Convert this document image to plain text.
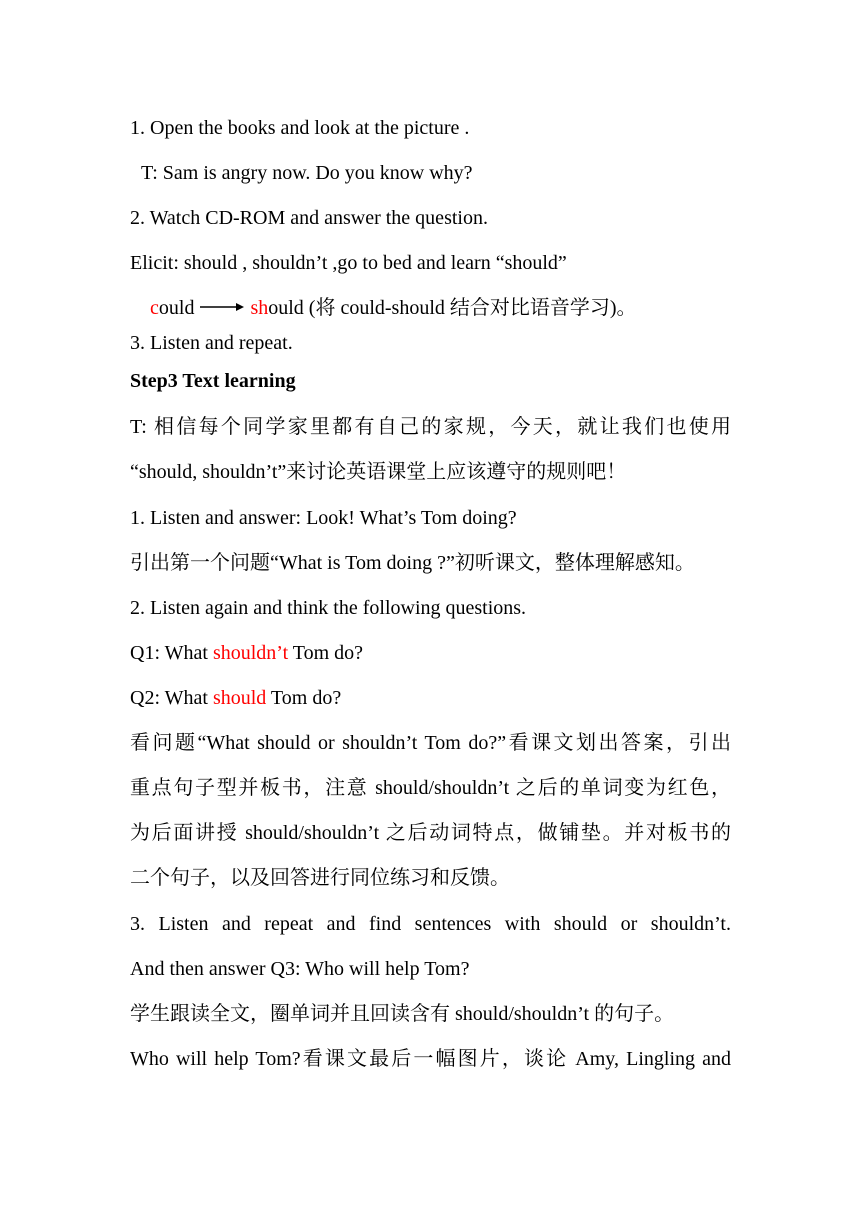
1. Open the books and look at the picture .
T: Sam is angry now. Do you know why?
2. Watch CD-ROM and answer the question.
Elicit: should , shouldn’t ,go to bed and learn “should”
could	should (将 could-should 结合对比语音学习)。
3. Listen and repeat.
Step3 Text learning
T: 相信每个同学家里都有自己的家规，今天，就让我们也使用
“should, shouldn’t”来讨论英语课堂上应该遵守的规则吧！
1. Listen and answer: Look! What’s Tom doing?
引出第一个问题“What is Tom doing ?”初听课文，整体理解感知。
2. Listen again and think the following questions.
Q1: What shouldn’t Tom do?
Q2: What should Tom do?
看问题“What should or shouldn’t Tom do?”看课文划出答案，引出
重点句子型并板书，注意 should/shouldn’t 之后的单词变为红色，
为后面讲授 should/shouldn’t 之后动词特点，做铺垫。并对板书的
二个句子，以及回答进行同位练习和反馈。
3. Listen and repeat and find sentences with should or shouldn’t.
And then answer Q3: Who will help Tom?
学生跟读全文，圈单词并且回读含有 should/shouldn’t 的句子。
Who will help Tom?看课文最后一幅图片，谈论 Amy, Lingling and
